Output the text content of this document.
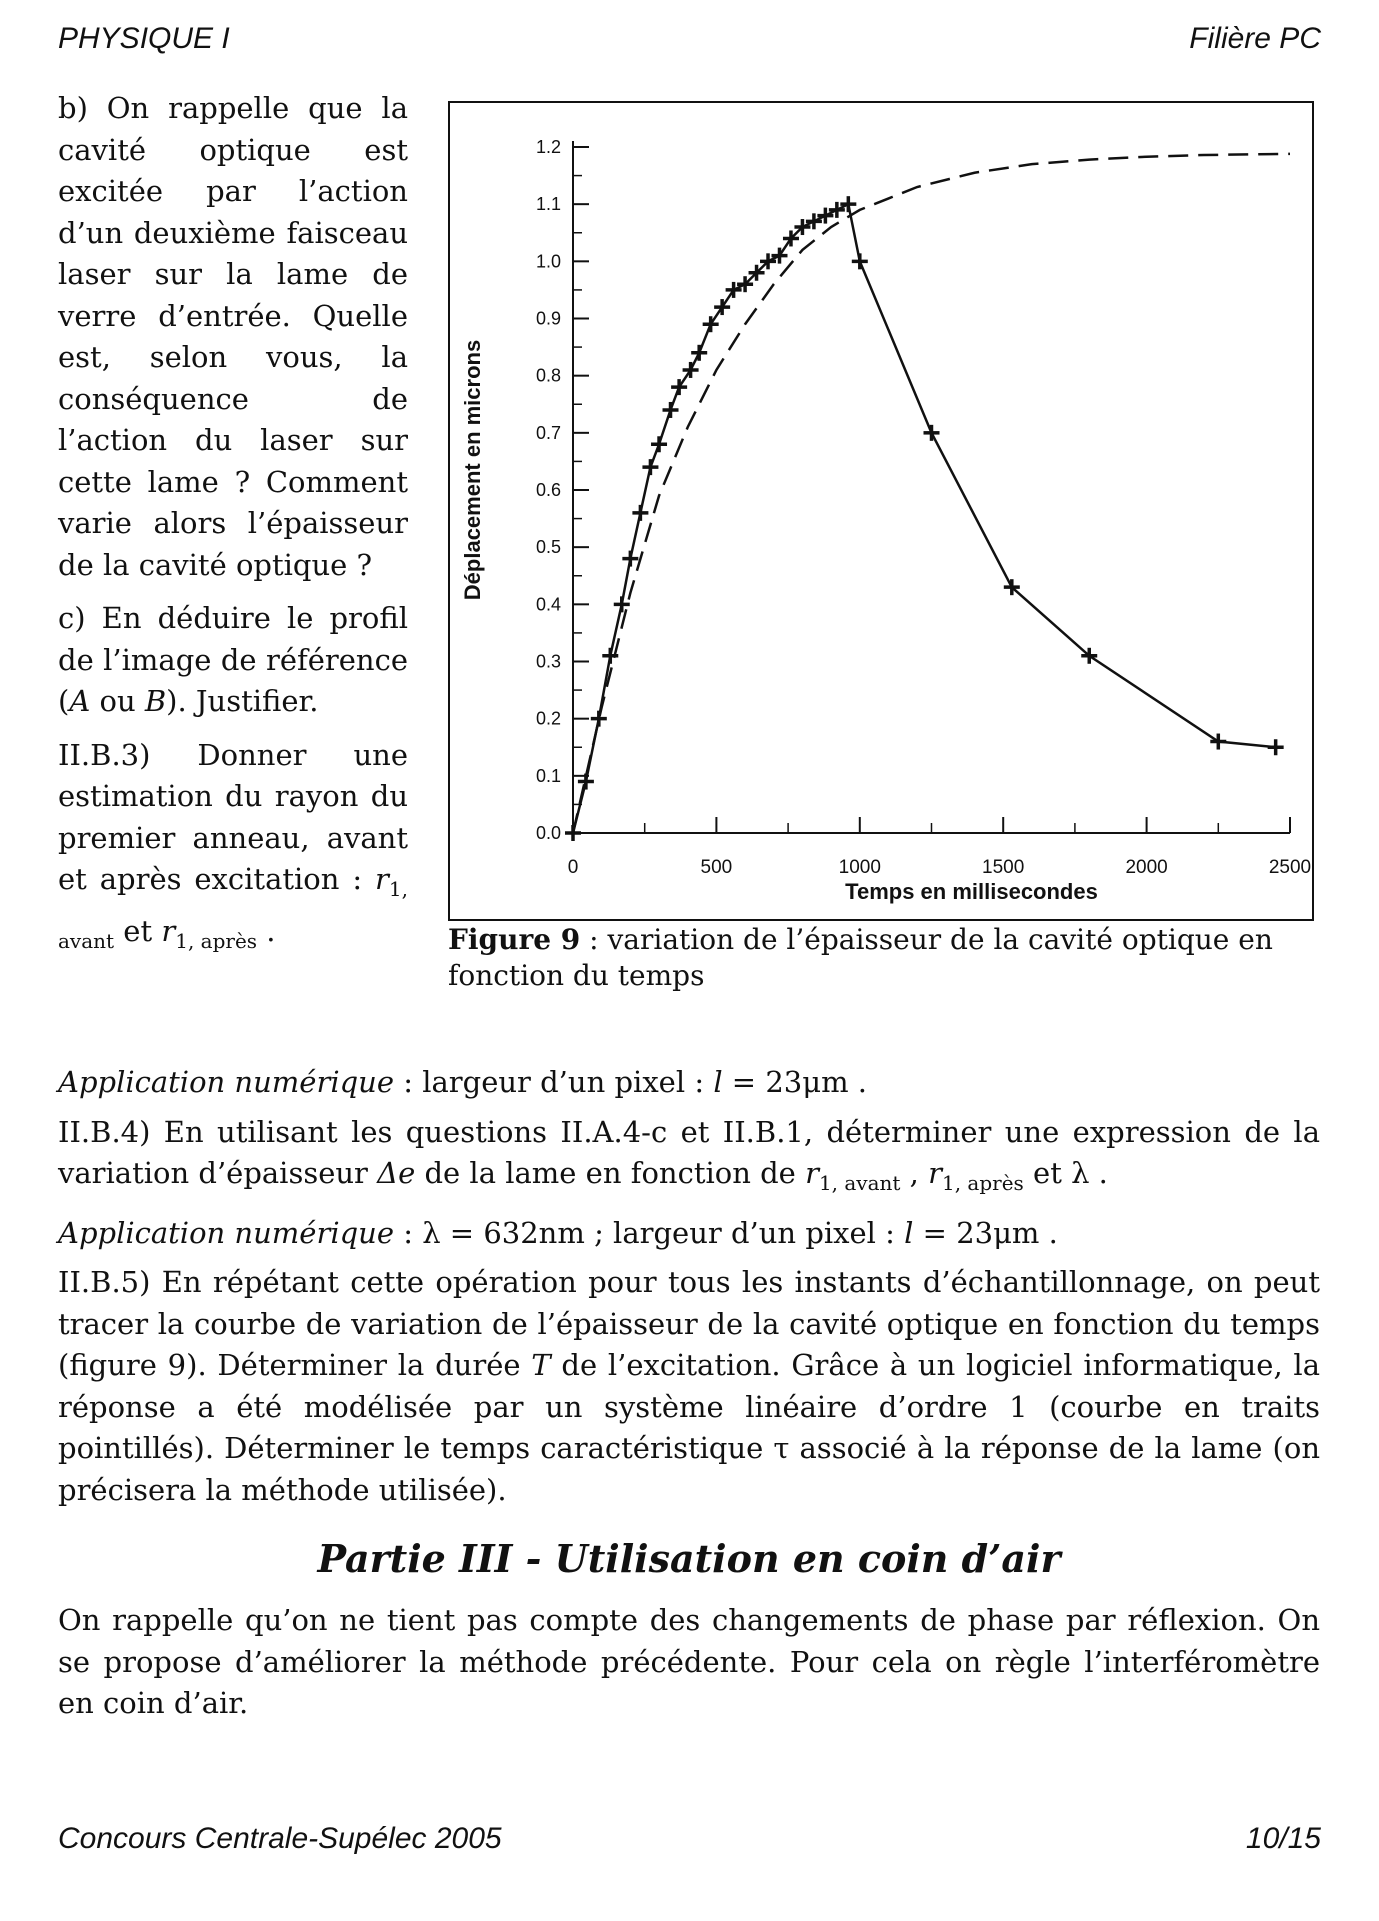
PHYSIQUE I	Filière PC

b) On rappelle que la cavité optique est excitée par l’action d’un deuxième faisceau laser sur la lame de verre d’entrée. Quelle est, selon vous, la conséquence de l’action du laser sur cette lame ? Comment varie alors l’épaisseur de la cavité optique ?

c) En déduire le profil de l’image de référence (A ou B). Justifier.

II.B.3) Donner une estimation du rayon du premier anneau, avant et après excitation : $r_{1, avant}$ et $r_{1, après}$ .

0.0
0.1
0.2
0.3
0.4
0.5
0.6
0.7
0.8
0.9
1.0
1.1
1.2
0	500	1000	1500	2000	2500
Temps en millisecondes
Déplacement en microns
Figure 9 : variation de l’épaisseur de la cavité optique en fonction du temps

Application numérique : largeur d’un pixel : l = 23μm .

II.B.4) En utilisant les questions II.A.4-c et II.B.1, déterminer une expression de la variation d’épaisseur Δe de la lame en fonction de $r_{1, avant}$ , $r_{1, après}$ et λ .

Application numérique : λ = 632nm ; largeur d’un pixel : l = 23μm .

II.B.5) En répétant cette opération pour tous les instants d’échantillonnage, on peut tracer la courbe de variation de l’épaisseur de la cavité optique en fonction du temps (figure 9). Déterminer la durée T de l’excitation. Grâce à un logiciel informatique, la réponse a été modélisée par un système linéaire d’ordre 1 (courbe en traits pointillés). Déterminer le temps caractéristique τ associé à la réponse de la lame (on précisera la méthode utilisée).

Partie III - Utilisation en coin d’air

On rappelle qu’on ne tient pas compte des changements de phase par réflexion. On se propose d’améliorer la méthode précédente. Pour cela on règle l’interféromètre en coin d’air.

Concours Centrale-Supélec 2005	10/15
